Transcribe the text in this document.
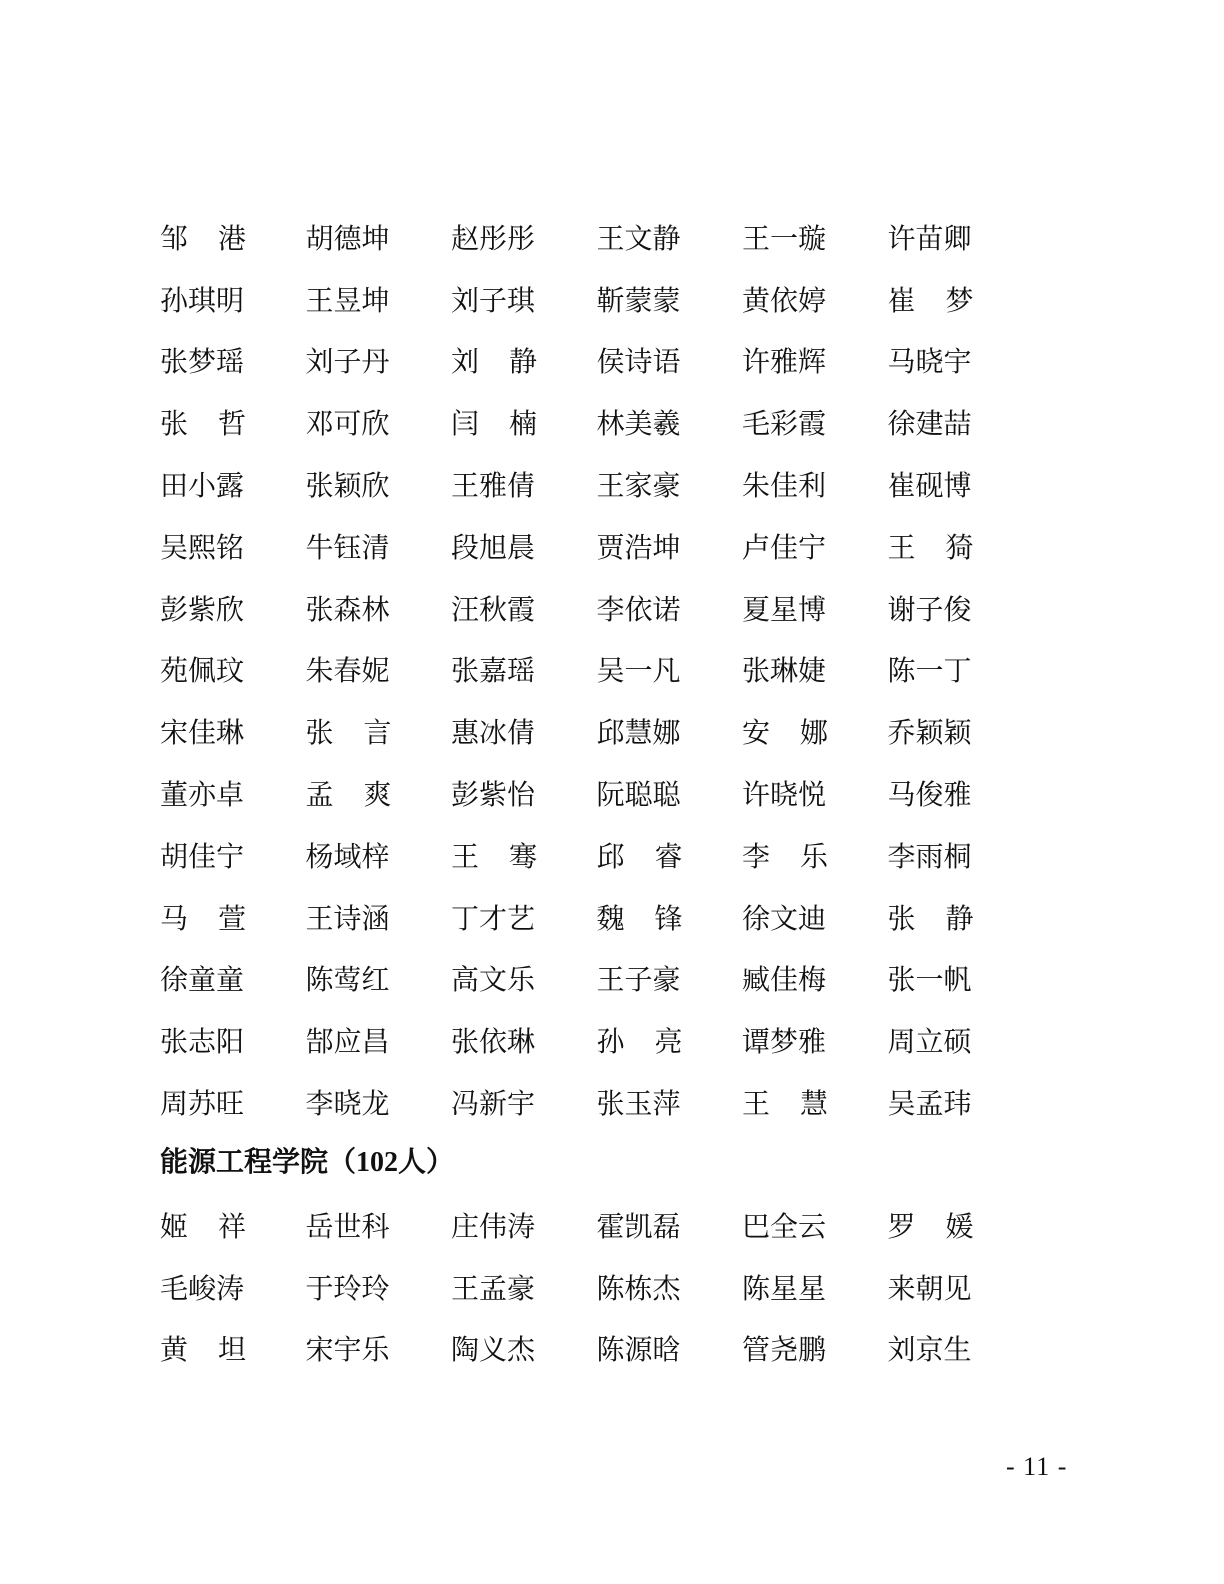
邹 港 胡德坤 赵彤彤 王文静 王一璇 许苗卿
孙琪明 王昱坤 刘子琪 靳蒙蒙 黄依婷 崔 梦
张梦瑶 刘子丹 刘 静 侯诗语 许雅辉 马晓宇
张 哲 邓可欣 闫 楠 林美羲 毛彩霞 徐建喆
田小露 张颖欣 王雅倩 王家豪 朱佳利 崔砚博
吴熙铭 牛钰清 段旭晨 贾浩坤 卢佳宁 王 猗
彭紫欣 张森林 汪秋霞 李依诺 夏星博 谢子俊
苑佩玟 朱春妮 张嘉瑶 吴一凡 张琳婕 陈一丁
宋佳琳 张 言 惠冰倩 邱慧娜 安 娜 乔颖颖
董亦卓 孟 爽 彭紫怡 阮聪聪 许晓悦 马俊雅
胡佳宁 杨域梓 王 骞 邱 睿 李 乐 李雨桐
马 萱 王诗涵 丁才艺 魏 锋 徐文迪 张 静
徐童童 陈莺红 高文乐 王子豪 臧佳梅 张一帆
张志阳 郜应昌 张依琳 孙 亮 谭梦雅 周立硕
周苏旺 李晓龙 冯新宇 张玉萍 王 慧 吴孟玮
能源工程学院（102人）
姬 祥 岳世科 庄伟涛 霍凯磊 巴全云 罗 媛
毛峻涛 于玲玲 王孟豪 陈栋杰 陈星星 来朝见
黄 坦 宋宇乐 陶义杰 陈源晗 管尧鹏 刘京生
- 11 -
